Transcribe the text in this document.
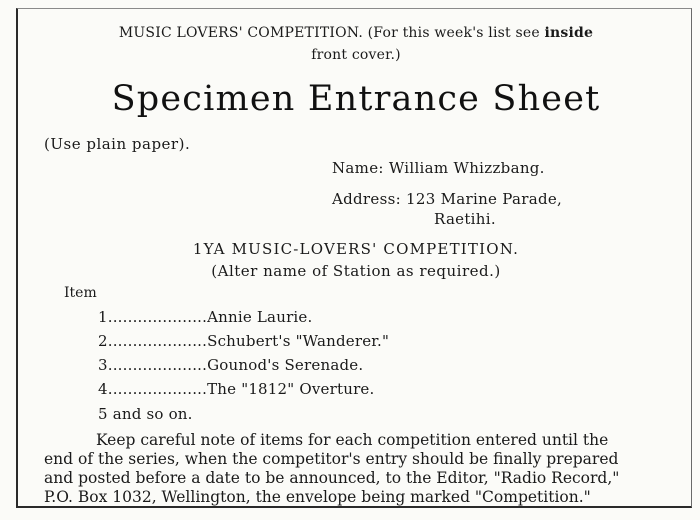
MUSIC LOVERS' COMPETITION. (For this week's list see inside
front cover.)
Specimen Entrance Sheet
(Use plain paper).
Name: William Whizzbang.
Address: 123 Marine Parade,
Raetihi.
1YA MUSIC-LOVERS' COMPETITION.
(Alter name of Station as required.)
Item
1....................Annie Laurie.
2....................Schubert's "Wanderer."
3....................Gounod's Serenade.
4....................The "1812" Overture.
5 and so on.
Keep careful note of items for each competition entered until the
end of the series, when the competitor's entry should be finally prepared
and posted before a date to be announced, to the Editor, "Radio Record,"
P.O. Box 1032, Wellington, the envelope being marked "Competition."
